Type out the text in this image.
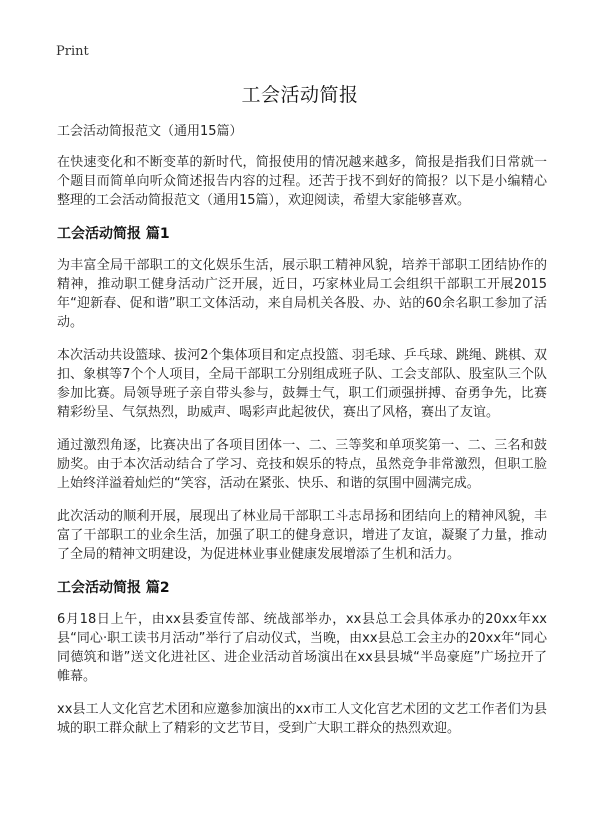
Print
工会活动简报
工会活动简报范文（通用15篇）
在快速变化和不断变革的新时代，简报使用的情况越来越多，简报是指我们日常就一个题目而简单向听众简述报告内容的过程。还苦于找不到好的简报？以下是小编精心整理的工会活动简报范文（通用15篇），欢迎阅读，希望大家能够喜欢。
工会活动简报 篇1
为丰富全局干部职工的文化娱乐生活，展示职工精神风貌，培养干部职工团结协作的精神，推动职工健身活动广泛开展，近日，巧家林业局工会组织干部职工开展2015年“迎新春、促和谐”职工文体活动，来自局机关各股、办、站的60余名职工参加了活动。
本次活动共设篮球、拔河2个集体项目和定点投篮、羽毛球、乒乓球、跳绳、跳棋、双扣、象棋等7个个人项目，全局干部职工分别组成班子队、工会支部队、股室队三个队参加比赛。局领导班子亲自带头参与，鼓舞士气，职工们顽强拼搏、奋勇争先，比赛精彩纷呈、气氛热烈，助威声、喝彩声此起彼伏，赛出了风格，赛出了友谊。
通过激烈角逐，比赛决出了各项目团体一、二、三等奖和单项奖第一、二、三名和鼓励奖。由于本次活动结合了学习、竞技和娱乐的特点，虽然竞争非常激烈，但职工脸上始终洋溢着灿烂的“笑容，活动在紧张、快乐、和谐的氛围中圆满完成。
此次活动的顺利开展，展现出了林业局干部职工斗志昂扬和团结向上的精神风貌，丰富了干部职工的业余生活，加强了职工的健身意识，增进了友谊，凝聚了力量，推动了全局的精神文明建设，为促进林业事业健康发展增添了生机和活力。
工会活动简报 篇2
6月18日上午，由xx县委宣传部、统战部举办，xx县总工会具体承办的20xx年xx县“同心·职工读书月活动”举行了启动仪式，当晚，由xx县总工会主办的20xx年“同心同德筑和谐”送文化进社区、进企业活动首场演出在xx县县城“半岛豪庭”广场拉开了帷幕。
xx县工人文化宫艺术团和应邀参加演出的xx市工人文化宫艺术团的文艺工作者们为县城的职工群众献上了精彩的文艺节目，受到广大职工群众的热烈欢迎。
